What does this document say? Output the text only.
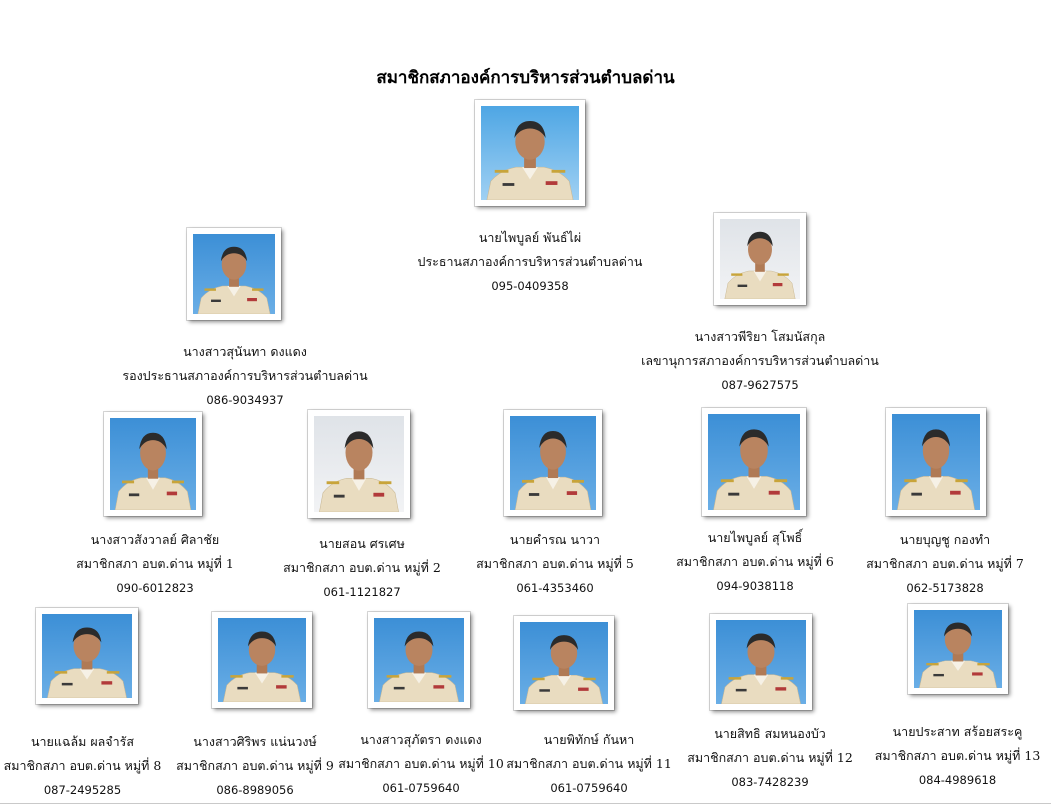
สมาชิกสภาองค์การบริหารส่วนตำบลด่าน
นายไพบูลย์ พันธ์ไผ่
ประธานสภาองค์การบริหารส่วนตำบลด่าน
095-0409358
นางสาวสุนันทา ดงแดง
รองประธานสภาองค์การบริหารส่วนตำบลด่าน
086-9034937
นางสาวพีริยา โสมนัสกุล
เลขานุการสภาองค์การบริหารส่วนตำบลด่าน
087-9627575
นางสาวสังวาลย์ ศิลาชัย
สมาชิกสภา อบต.ด่าน หมู่ที่ 1
090-6012823
นายสอน ศรเศษ
สมาชิกสภา อบต.ด่าน หมู่ที่ 2
061-1121827
นายคำรณ นาวา
สมาชิกสภา อบต.ด่าน หมู่ที่ 5
061-4353460
นายไพบูลย์ สุโพธิ์
สมาชิกสภา อบต.ด่าน หมู่ที่ 6
094-9038118
นายบุญชู กองทำ
สมาชิกสภา อบต.ด่าน หมู่ที่ 7
062-5173828
นายแฉล้ม ผลจำรัส
สมาชิกสภา อบต.ด่าน หมู่ที่ 8
087-2495285
นางสาวศิริพร แน่นวงษ์
สมาชิกสภา อบต.ด่าน หมู่ที่ 9
086-8989056
นางสาวสุภัตรา ดงแดง
สมาชิกสภา อบต.ด่าน หมู่ที่ 10
061-0759640
นายพิทักษ์ กันหา
สมาชิกสภา อบต.ด่าน หมู่ที่ 11
061-0759640
นายสิทธิ สมหนองบัว
สมาชิกสภา อบต.ด่าน หมู่ที่ 12
083-7428239
นายประสาท สร้อยสระคู
สมาชิกสภา อบต.ด่าน หมู่ที่ 13
084-4989618
